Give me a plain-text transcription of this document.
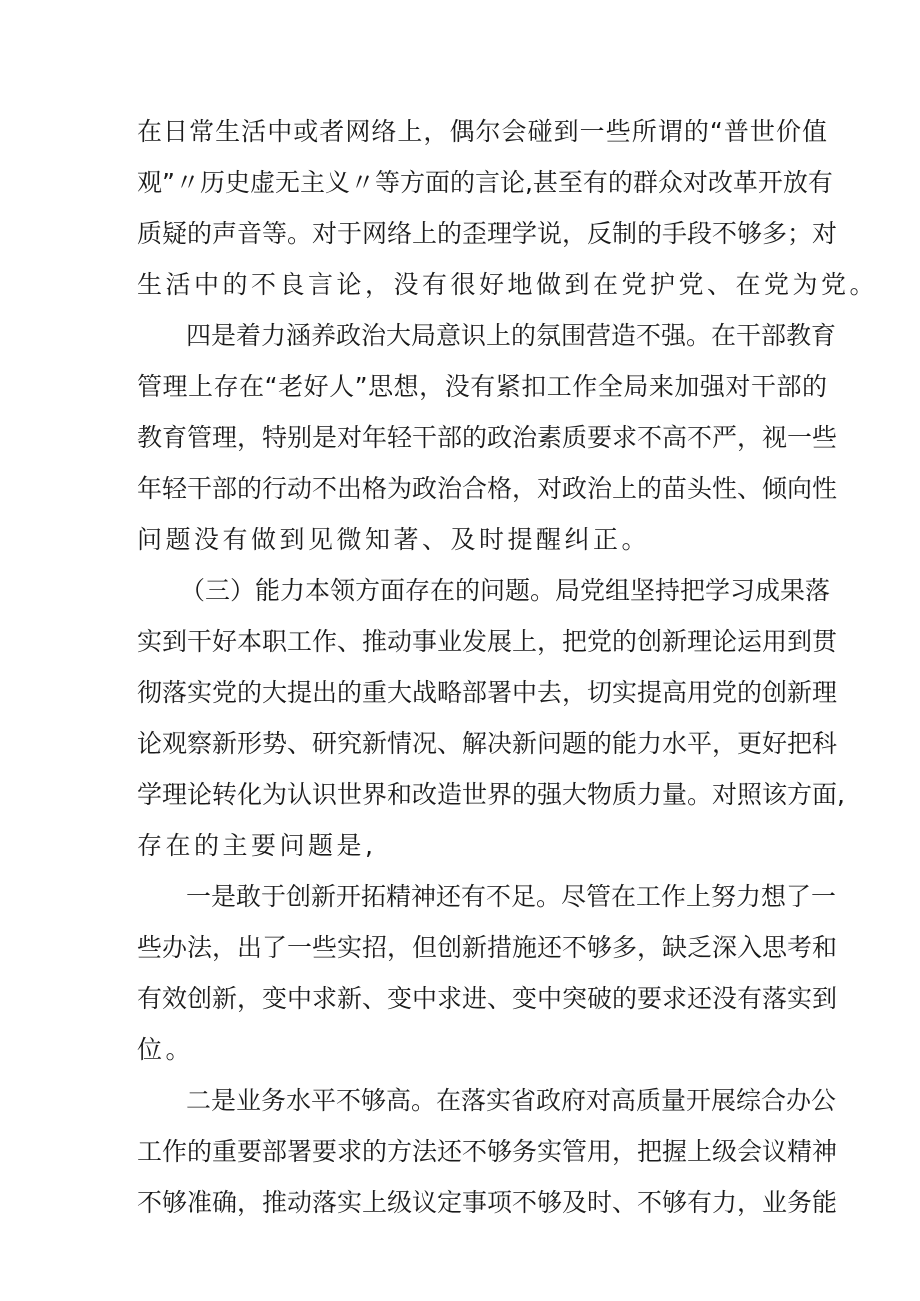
在日常生活中或者网络上，偶尔会碰到一些所谓的“普世价值

观”〃历史虚无主义〃等方面的言论,甚至有的群众对改革开放有

质疑的声音等。对于网络上的歪理学说，反制的手段不够多；对

生活中的不良言论，没有很好地做到在党护党、在党为党。

四是着力涵养政治大局意识上的氛围营造不强。在干部教育

管理上存在“老好人”思想，没有紧扣工作全局来加强对干部的

教育管理，特别是对年轻干部的政治素质要求不高不严，视一些

年轻干部的行动不出格为政治合格，对政治上的苗头性、倾向性

问题没有做到见微知著、及时提醒纠正。

（三）能力本领方面存在的问题。局党组坚持把学习成果落

实到干好本职工作、推动事业发展上，把党的创新理论运用到贯

彻落实党的大提出的重大战略部署中去，切实提高用党的创新理

论观察新形势、研究新情况、解决新问题的能力水平，更好把科

学理论转化为认识世界和改造世界的强大物质力量。对照该方面,

存在的主要问题是,

一是敢于创新开拓精神还有不足。尽管在工作上努力想了一

些办法，出了一些实招，但创新措施还不够多，缺乏深入思考和

有效创新，变中求新、变中求进、变中突破的要求还没有落实到

位。

二是业务水平不够高。在落实省政府对高质量开展综合办公

工作的重要部署要求的方法还不够务实管用，把握上级会议精神

不够准确，推动落实上级议定事项不够及时、不够有力，业务能
